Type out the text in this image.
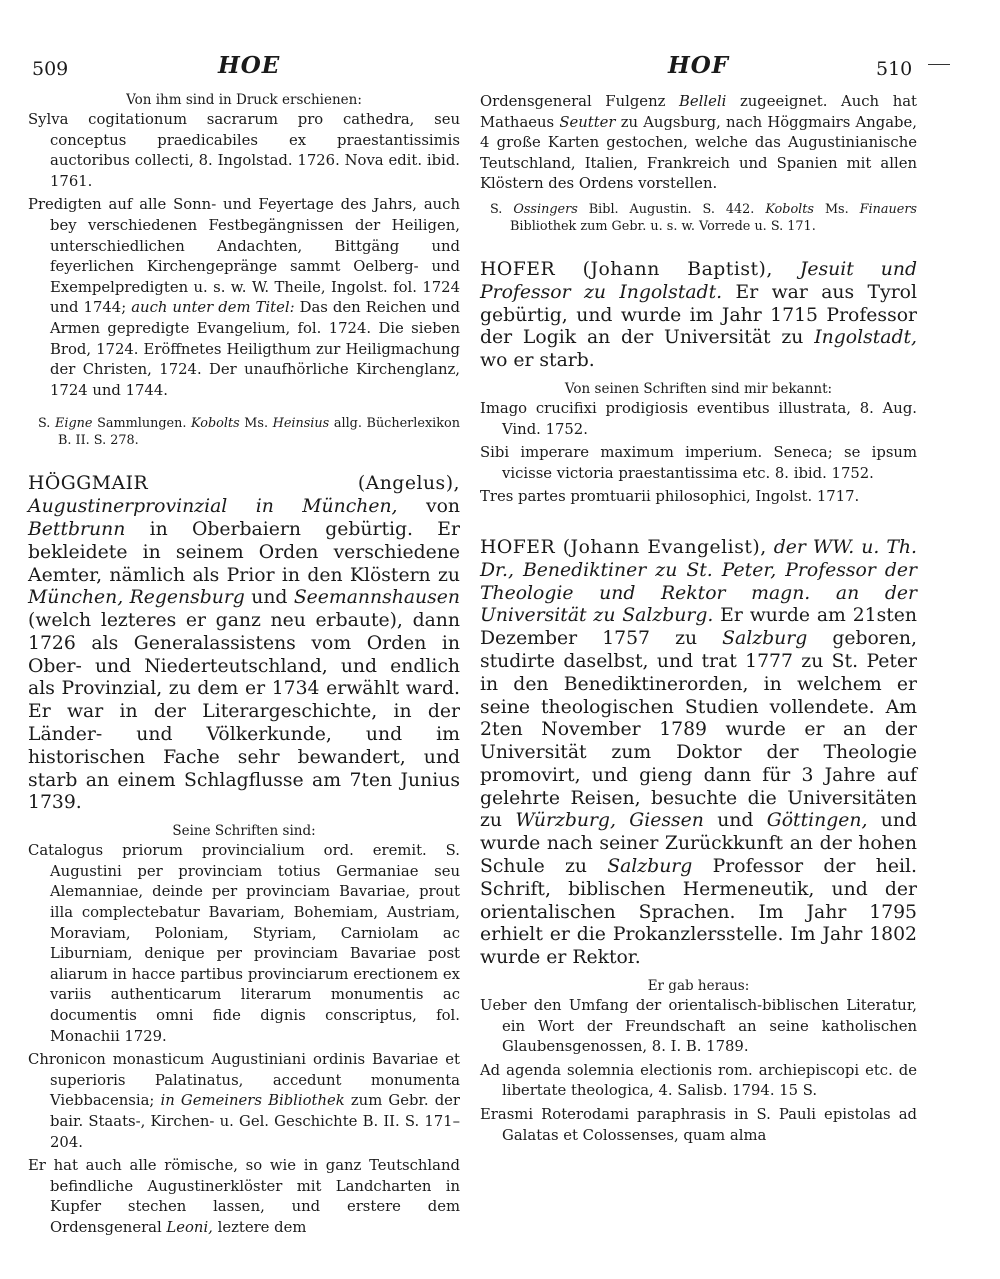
509	HOE	HOF	510

Von ihm sind in Druck erschienen:

Sylva cogitationum sacrarum pro cathedra, seu conceptus praedicabiles ex praestantissimis auctoribus collecti, 8. Ingolstad. 1726. Nova edit. ibid. 1761.

Predigten auf alle Sonn- und Feyertage des Jahrs, auch bey verschiedenen Festbegängnissen der Heiligen, unterschiedlichen Andachten, Bittgäng und feyerlichen Kirchengepränge sammt Oelberg- und Exempelpredigten u. s. w. W. Theile, Ingolst. fol. 1724 und 1744; auch unter dem Titel: Das den Reichen und Armen gepredigte Evangelium, fol. 1724. Die sieben Brod, 1724. Eröffnetes Heiligthum zur Heiligmachung der Christen, 1724. Der unaufhörliche Kirchenglanz, 1724 und 1744.

S. Eigne Sammlungen. Kobolts Ms. Heinsius allg. Bücherlexikon B. II. S. 278.

HÖGGMAIR (Angelus), Augustinerprovinzial in München, von Bettbrunn in Oberbaiern gebürtig. Er bekleidete in seinem Orden verschiedene Aemter, nämlich als Prior in den Klöstern zu München, Regensburg und Seemannshausen (welch lezteres er ganz neu erbaute), dann 1726 als Generalassistens vom Orden in Ober- und Niederteutschland, und endlich als Provinzial, zu dem er 1734 erwählt ward. Er war in der Literargeschichte, in der Länder- und Völkerkunde, und im historischen Fache sehr bewandert, und starb an einem Schlagflusse am 7ten Junius 1739.

Seine Schriften sind:

Catalogus priorum provincialium ord. eremit. S. Augustini per provinciam totius Germaniae seu Alemanniae, deinde per provinciam Bavariae, prout illa complectebatur Bavariam, Bohemiam, Austriam, Moraviam, Poloniam, Styriam, Carniolam ac Liburniam, denique per provinciam Bavariae post aliarum in hacce partibus provinciarum erectionem ex variis authenticarum literarum monumentis ac documentis omni fide dignis conscriptus, fol. Monachii 1729.

Chronicon monasticum Augustiniani ordinis Bavariae et superioris Palatinatus, accedunt monumenta Viebbacensia; in Gemeiners Bibliothek zum Gebr. der bair. Staats-, Kirchen- u. Gel. Geschichte B. II. S. 171–204.

Er hat auch alle römische, so wie in ganz Teutschland befindliche Augustinerklöster mit Landcharten in Kupfer stechen lassen, und erstere dem Ordensgeneral Leoni, leztere dem

Ordensgeneral Fulgenz Belleli zugeeignet. Auch hat Mathaeus Seutter zu Augsburg, nach Höggmairs Angabe, 4 große Karten gestochen, welche das Augustinianische Teutschland, Italien, Frankreich und Spanien mit allen Klöstern des Ordens vorstellen.

S. Ossingers Bibl. Augustin. S. 442. Kobolts Ms. Finauers Bibliothek zum Gebr. u. s. w. Vorrede u. S. 171.

HOFER (Johann Baptist), Jesuit und Professor zu Ingolstadt. Er war aus Tyrol gebürtig, und wurde im Jahr 1715 Professor der Logik an der Universität zu Ingolstadt, wo er starb.

Von seinen Schriften sind mir bekannt:

Imago crucifixi prodigiosis eventibus illustrata, 8. Aug. Vind. 1752.

Sibi imperare maximum imperium. Seneca; se ipsum vicisse victoria praestantissima etc. 8. ibid. 1752.

Tres partes promtuarii philosophici, Ingolst. 1717.

HOFER (Johann Evangelist), der WW. u. Th. Dr., Benediktiner zu St. Peter, Professor der Theologie und Rektor magn. an der Universität zu Salzburg. Er wurde am 21sten Dezember 1757 zu Salzburg geboren, studirte daselbst, und trat 1777 zu St. Peter in den Benediktinerorden, in welchem er seine theologischen Studien vollendete. Am 2ten November 1789 wurde er an der Universität zum Doktor der Theologie promovirt, und gieng dann für 3 Jahre auf gelehrte Reisen, besuchte die Universitäten zu Würzburg, Giessen und Göttingen, und wurde nach seiner Zurückkunft an der hohen Schule zu Salzburg Professor der heil. Schrift, biblischen Hermeneutik, und der orientalischen Sprachen. Im Jahr 1795 erhielt er die Prokanzlersstelle. Im Jahr 1802 wurde er Rektor.

Er gab heraus:

Ueber den Umfang der orientalisch-biblischen Literatur, ein Wort der Freundschaft an seine katholischen Glaubensgenossen, 8. I. B. 1789.

Ad agenda solemnia electionis rom. archiepiscopi etc. de libertate theologica, 4. Salisb. 1794. 15 S.

Erasmi Roterodami paraphrasis in S. Pauli epistolas ad Galatas et Colossenses, quam alma
